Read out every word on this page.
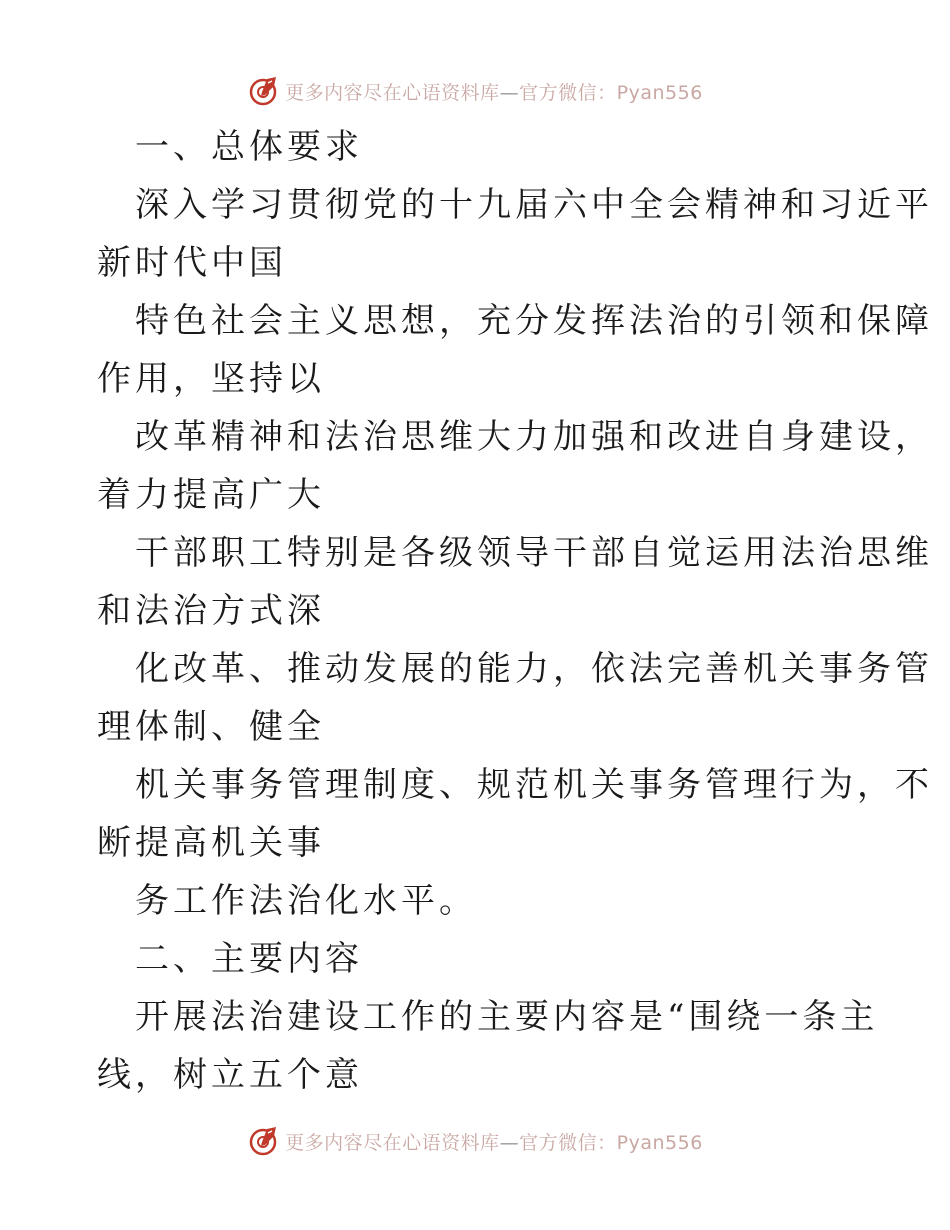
更多内容尽在心语资料库—官方微信：Pyan556

一、总体要求

深入学习贯彻党的十九届六中全会精神和习近平

新时代中国

特色社会主义思想，充分发挥法治的引领和保障

作用，坚持以

改革精神和法治思维大力加强和改进自身建设，

着力提高广大

干部职工特别是各级领导干部自觉运用法治思维

和法治方式深

化改革、推动发展的能力，依法完善机关事务管

理体制、健全

机关事务管理制度、规范机关事务管理行为，不

断提高机关事

务工作法治化水平。

二、主要内容

开展法治建设工作的主要内容是“围绕一条主

线，树立五个意

更多内容尽在心语资料库—官方微信：Pyan556
